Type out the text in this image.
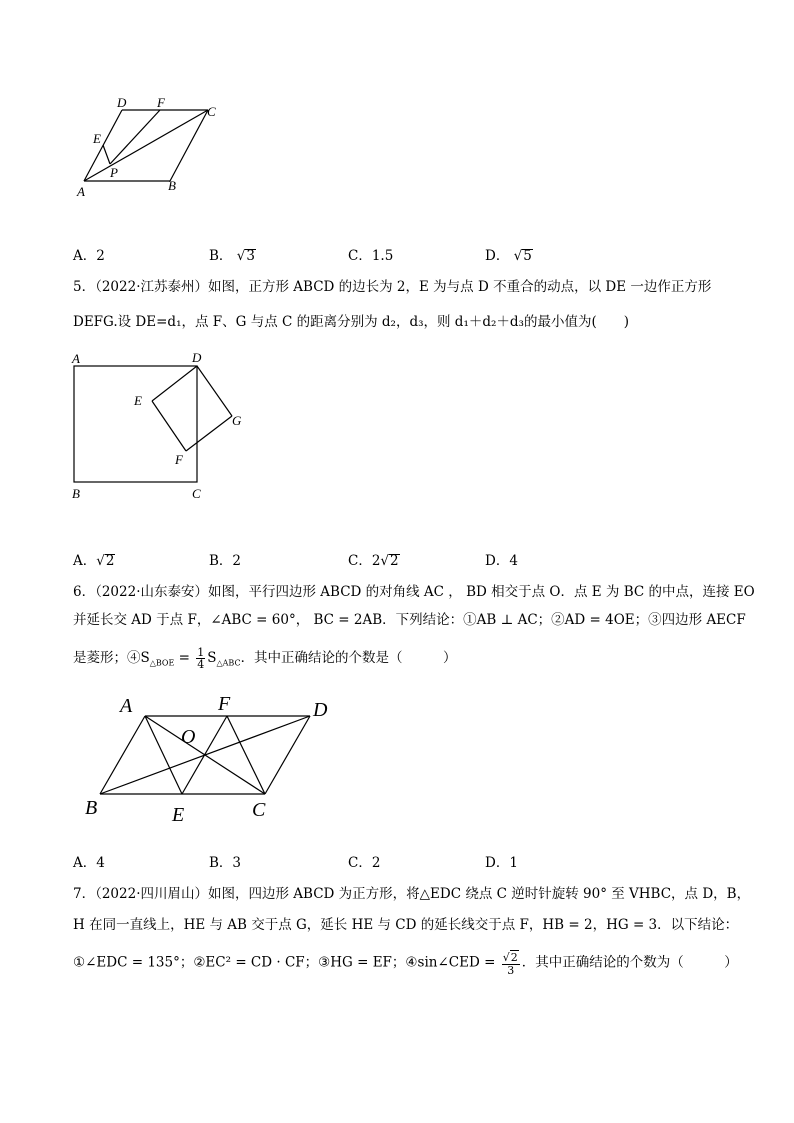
D F
C
E
P
A	B
A．2	B． √3	C．1.5	D． √5
5．（2022·江苏泰州）如图，正方形 ABCD 的边长为 2，E 为与点 D 不重合的动点，以 DE 一边作正方形
DEFG.设 DE=d₁，点 F、G 与点 C 的距离分别为 d₂，d₃，则 d₁＋d₂＋d₃的最小值为(　　)
A	D
E
G
F
B	C
A．√2	B．2	C．2√2	D．4
6．（2022·山东泰安）如图，平行四边形 ABCD 的对角线 AC ， BD 相交于点 O．点 E 为 BC 的中点，连接 EO
并延长交 AD 于点 F，∠ABC = 60°， BC = 2AB．下列结论：①AB ⊥ AC；②AD = 4OE；③四边形 AECF
是菱形；$④S_{\triangle BOE} = \frac{1}{4} S_{\triangle ABC}$．其中正确结论的个数是（　　　）
A	F	D
O
B	E	C
A．4	B．3	C．2	D．1
7．（2022·四川眉山）如图，四边形 ABCD 为正方形，将△EDC 绕点 C 逆时针旋转 90° 至 VHBC，点 D，B，
H 在同一直线上，HE 与 AB 交于点 G，延长 HE 与 CD 的延长线交于点 F，HB = 2，HG = 3．以下结论：
①∠EDC = 135°；②EC² = CD · CF；③HG = EF；④sin∠CED = $\frac{√2}{3}$ ．其中正确结论的个数为（　　　）
